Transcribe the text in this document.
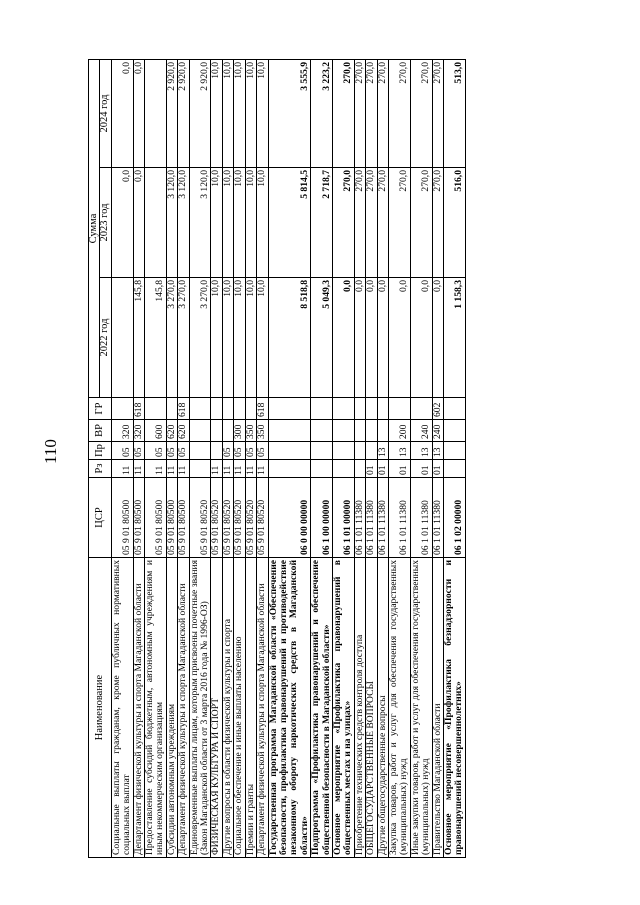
110
Наименование	ЦСР	Рз	Пр	ВР	ГР	Сумма		
						2022 год	2023 год	2024 год
Социальные выплаты гражданам, кроме публичных нормативных социальных выплат	05 9 01 80500	11	05	320			0,0	0,0
Департамент физической культуры и спорта Магаданской области	05 9 01 80500	11	05	320	618	145,8	0,0	0,0
Предоставление субсидий бюджетным, автономным учреждениям и иным некоммерческим организациям	05 9 01 80500	11	05	600		145,8		
Субсидии автономным учреждениям	05 9 01 80500	11	05	620		3 270,0	3 120,0	2 920,0
Департамент физической культуры и спорта Магаданской области	05 9 01 80500	11	05	620	618	3 270,0	3 120,0	2 920,0
Единовременные выплаты лицам, которым присвоены почетные звания (Закон Магаданской области от 3 марта 2016 года № 1996-ОЗ)	05 9 01 80520					3 270,0	3 120,0	2 920,0
ФИЗИЧЕСКАЯ КУЛЬТУРА И СПОРТ	05 9 01 80520	11				10,0	10,0	10,0
Другие вопросы в области физической культуры и спорта	05 9 01 80520	11	05			10,0	10,0	10,0
Социальное обеспечение и иные выплаты населению	05 9 01 80520	11	05	300		10,0	10,0	10,0
Премии и гранты	05 9 01 80520	11	05	350		10,0	10,0	10,0
Департамент физической культуры и спорта Магаданской области	05 9 01 80520	11	05	350	618	10,0	10,0	10,0
Государственная программа Магаданской области «Обеспечение безопасности, профилактика правонарушений и противодействие незаконному обороту наркотических средств в Магаданской области»	06 0 00 00000					8 518,8	5 814,5	3 555,9
Подпрограмма «Профилактика правонарушений и обеспечение общественной безопасности в Магаданской области»	06 1 00 00000					5 049,3	2 718,7	3 223,2
Основное мероприятие «Профилактика правонарушений в общественных местах и на улицах»	06 1 01 00000					0,0	270,0	270,0
Приобретение технических средств контроля доступа	06 1 01 11380					0,0	270,0	270,0
ОБЩЕГОСУДАРСТВЕННЫЕ ВОПРОСЫ	06 1 01 11380	01				0,0	270,0	270,0
Другие общегосударственные вопросы	06 1 01 11380	01	13			0,0	270,0	270,0
Закупка товаров, работ и услуг для обеспечения государственных (муниципальных) нужд	06 1 01 11380	01	13	200		0,0	270,0	270,0
Иные закупки товаров, работ и услуг для обеспечения государственных (муниципальных) нужд	06 1 01 11380	01	13	240		0,0	270,0	270,0
Правительство Магаданской области	06 1 01 11380	01	13	240	602	0,0	270,0	270,0
Основное мероприятие «Профилактика безнадзорности и правонарушений несовершеннолетних»	06 1 02 00000					1 158,3	516,0	513,0
